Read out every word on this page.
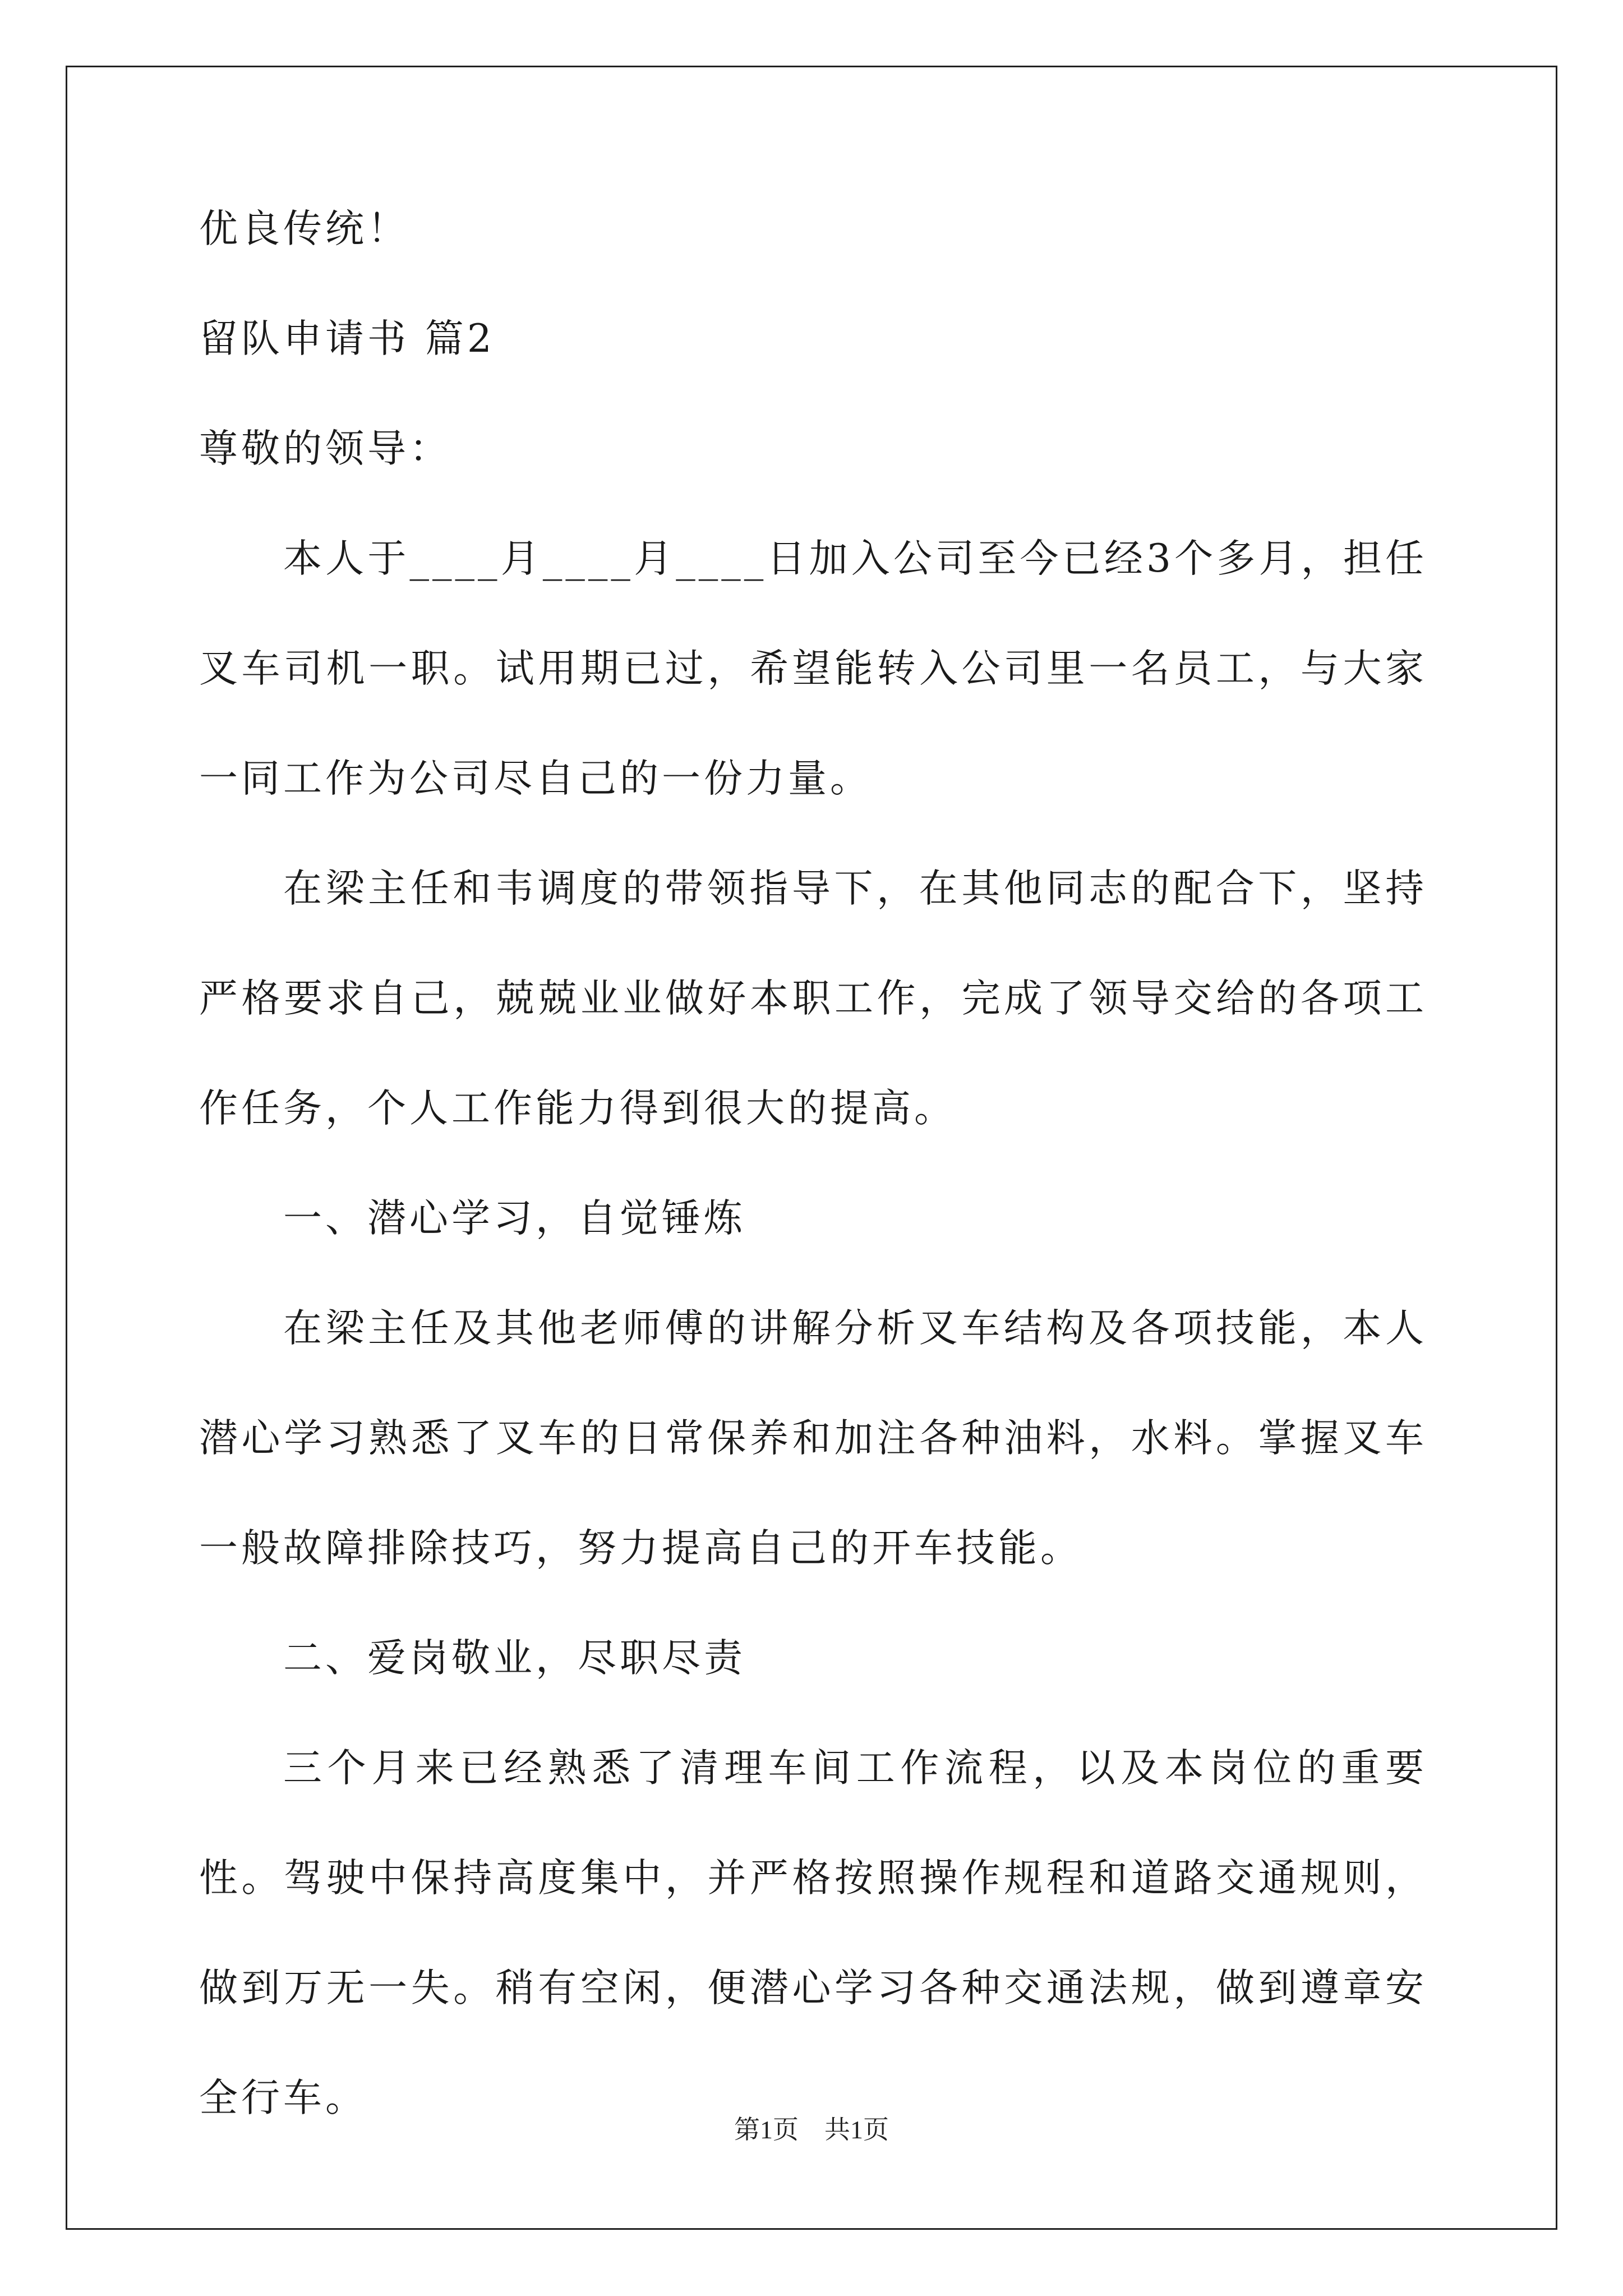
优良传统！

留队申请书 篇2

尊敬的领导：

本人于____月____月____日加入公司至今已经3个多月，担任叉车司机一职。试用期已过，希望能转入公司里一名员工，与大家一同工作为公司尽自己的一份力量。

在梁主任和韦调度的带领指导下，在其他同志的配合下，坚持严格要求自己，兢兢业业做好本职工作，完成了领导交给的各项工作任务，个人工作能力得到很大的提高。

一、潜心学习，自觉锤炼

在梁主任及其他老师傅的讲解分析叉车结构及各项技能，本人潜心学习熟悉了叉车的日常保养和加注各种油料，水料。掌握叉车一般故障排除技巧，努力提高自己的开车技能。

二、爱岗敬业，尽职尽责

三个月来已经熟悉了清理车间工作流程，以及本岗位的重要性。驾驶中保持高度集中，并严格按照操作规程和道路交通规则，做到万无一失。稍有空闲，便潜心学习各种交通法规，做到遵章安全行车。

第1页　共1页
